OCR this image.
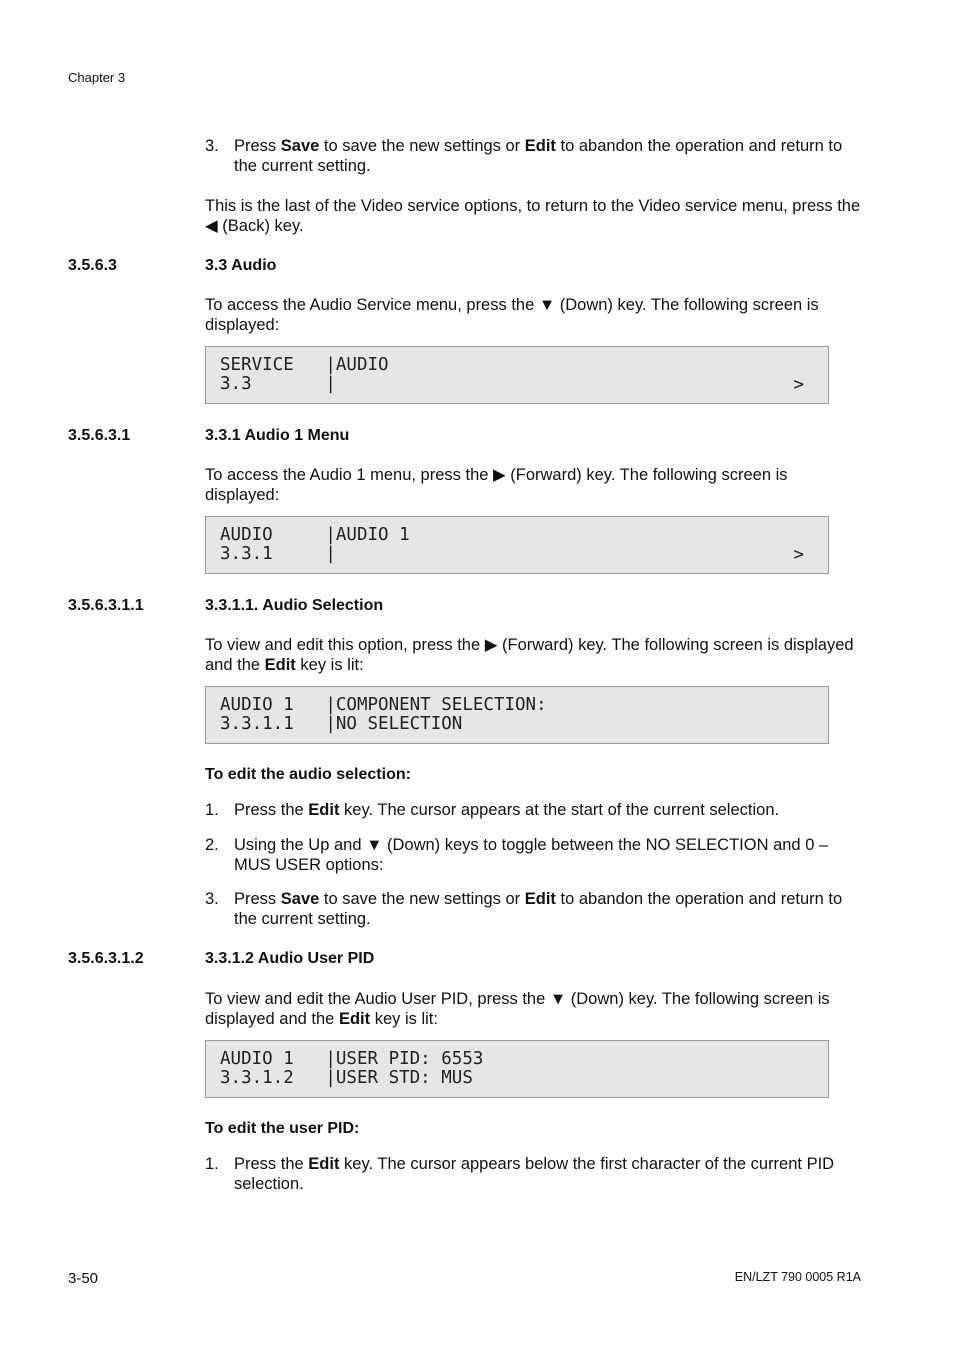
Chapter 3
3. Press Save to save the new settings or Edit to abandon the operation and return to the current setting.
This is the last of the Video service options, to return to the Video service menu, press the ◀ (Back) key.
3.5.6.3	3.3 Audio
To access the Audio Service menu, press the ▼ (Down) key. The following screen is displayed:
SERVICE   |AUDIO
3.3       |	>
3.5.6.3.1	3.3.1 Audio 1 Menu
To access the Audio 1 menu, press the ▶ (Forward) key. The following screen is displayed:
AUDIO     |AUDIO 1
3.3.1     |	>
3.5.6.3.1.1	3.3.1.1. Audio Selection
To view and edit this option, press the ▶ (Forward) key. The following screen is displayed and the Edit key is lit:
AUDIO 1   |COMPONENT SELECTION:
3.3.1.1   |NO SELECTION
To edit the audio selection:
1. Press the Edit key. The cursor appears at the start of the current selection.
2. Using the Up and ▼ (Down) keys to toggle between the NO SELECTION and 0 – MUS USER options:
3. Press Save to save the new settings or Edit to abandon the operation and return to the current setting.
3.5.6.3.1.2	3.3.1.2 Audio User PID
To view and edit the Audio User PID, press the ▼ (Down) key. The following screen is displayed and the Edit key is lit:
AUDIO 1   |USER PID: 6553
3.3.1.2   |USER STD: MUS
To edit the user PID:
1. Press the Edit key. The cursor appears below the first character of the current PID selection.
3-50	EN/LZT 790 0005 R1A
